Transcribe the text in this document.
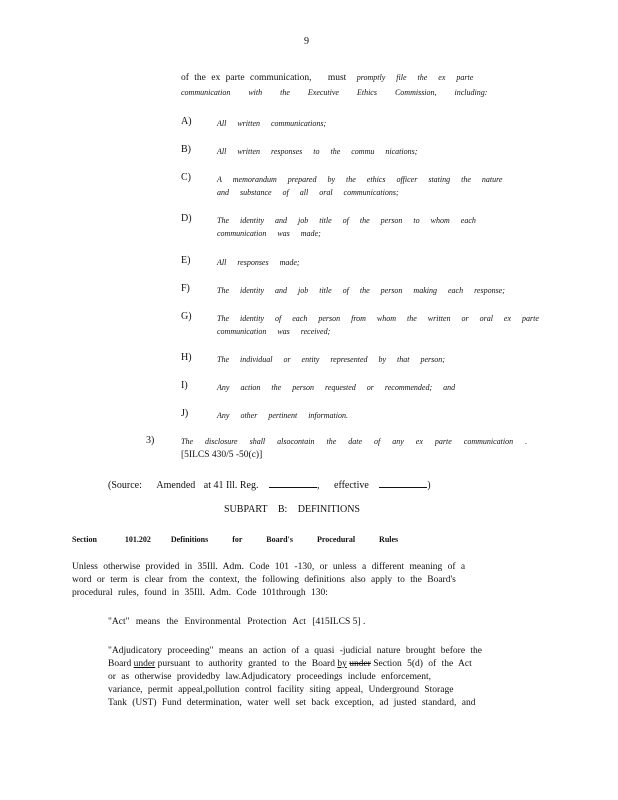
9
of the ex parte communication, must promptly file the ex parte
communication with the Executive Ethics Commission, including:
A)	All written communications;
B)	All written responses to the commu nications;
C)	A memorandum prepared by the ethics officer stating the nature
and substance of all oral communications;
D)	The identity and job title of the person to whom each
communication was made;
E)	All responses made;
F)	The identity and job title of the person making each response;
G)	The identity of each person from whom the written or oral ex parte
communication was received;
H)	The individual or entity represented by that person;
I)	Any action the person requested or recommended; and
J)	Any other pertinent information.
3)	The disclosure shall alsocontain the date of any ex parte communication .
[5ILCS 430/5 -50(c)]
(Source: Amended at 41 Ill. Reg.	, effective	)
SUBPART B: DEFINITIONS
Section	101.202	Definitions for Board's Procedural Rules
Unless otherwise provided in 35Ill. Adm. Code 101 -130, or unless a different meaning of a
word or term is clear from the context, the following definitions also apply to the Board's
procedural rules, found in 35Ill. Adm. Code 101through 130:
"Act" means the Environmental Protection Act [415ILCS 5] .
"Adjudicatory proceeding" means an action of a quasi -judicial nature brought before the
Board under pursuant to authority granted to the Board by under Section 5(d) of the Act
or as otherwise providedby law.Adjudicatory proceedings include enforcement,
variance, permit appeal,pollution control facility siting appeal, Underground Storage
Tank (UST) Fund determination, water well set back exception, ad justed standard, and
